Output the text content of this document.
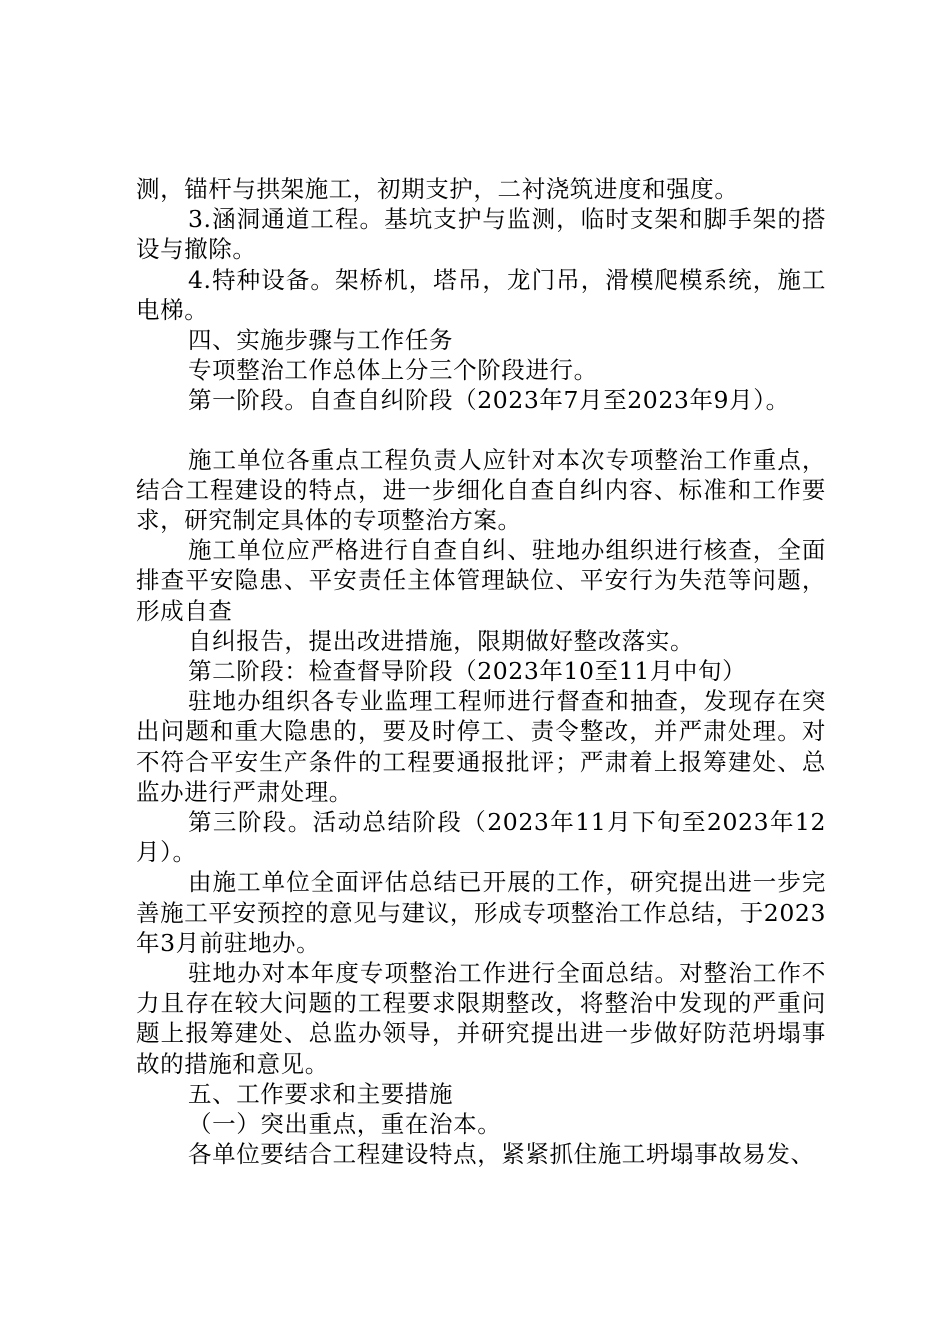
测，锚杆与拱架施工，初期支护，二衬浇筑进度和强度。

3.涵洞通道工程。基坑支护与监测，临时支架和脚手架的搭设与撤除。

4.特种设备。架桥机，塔吊，龙门吊，滑模爬模系统，施工电梯。

四、实施步骤与工作任务

专项整治工作总体上分三个阶段进行。

第一阶段。自查自纠阶段（2023年7月至2023年9月）。

施工单位各重点工程负责人应针对本次专项整治工作重点，结合工程建设的特点，进一步细化自查自纠内容、标准和工作要求，研究制定具体的专项整治方案。

施工单位应严格进行自查自纠、驻地办组织进行核查，全面排查平安隐患、平安责任主体管理缺位、平安行为失范等问题，形成自查

自纠报告，提出改进措施，限期做好整改落实。

第二阶段：检查督导阶段（2023年10至11月中旬）

驻地办组织各专业监理工程师进行督查和抽查，发现存在突出问题和重大隐患的，要及时停工、责令整改，并严肃处理。对不符合平安生产条件的工程要通报批评；严肃着上报筹建处、总监办进行严肃处理。

第三阶段。活动总结阶段（2023年11月下旬至2023年12月）。

由施工单位全面评估总结已开展的工作，研究提出进一步完善施工平安预控的意见与建议，形成专项整治工作总结，于2023年3月前驻地办。

驻地办对本年度专项整治工作进行全面总结。对整治工作不力且存在较大问题的工程要求限期整改，将整治中发现的严重问题上报筹建处、总监办领导，并研究提出进一步做好防范坍塌事故的措施和意见。

五、工作要求和主要措施

（一）突出重点，重在治本。

各单位要结合工程建设特点，紧紧抓住施工坍塌事故易发、
